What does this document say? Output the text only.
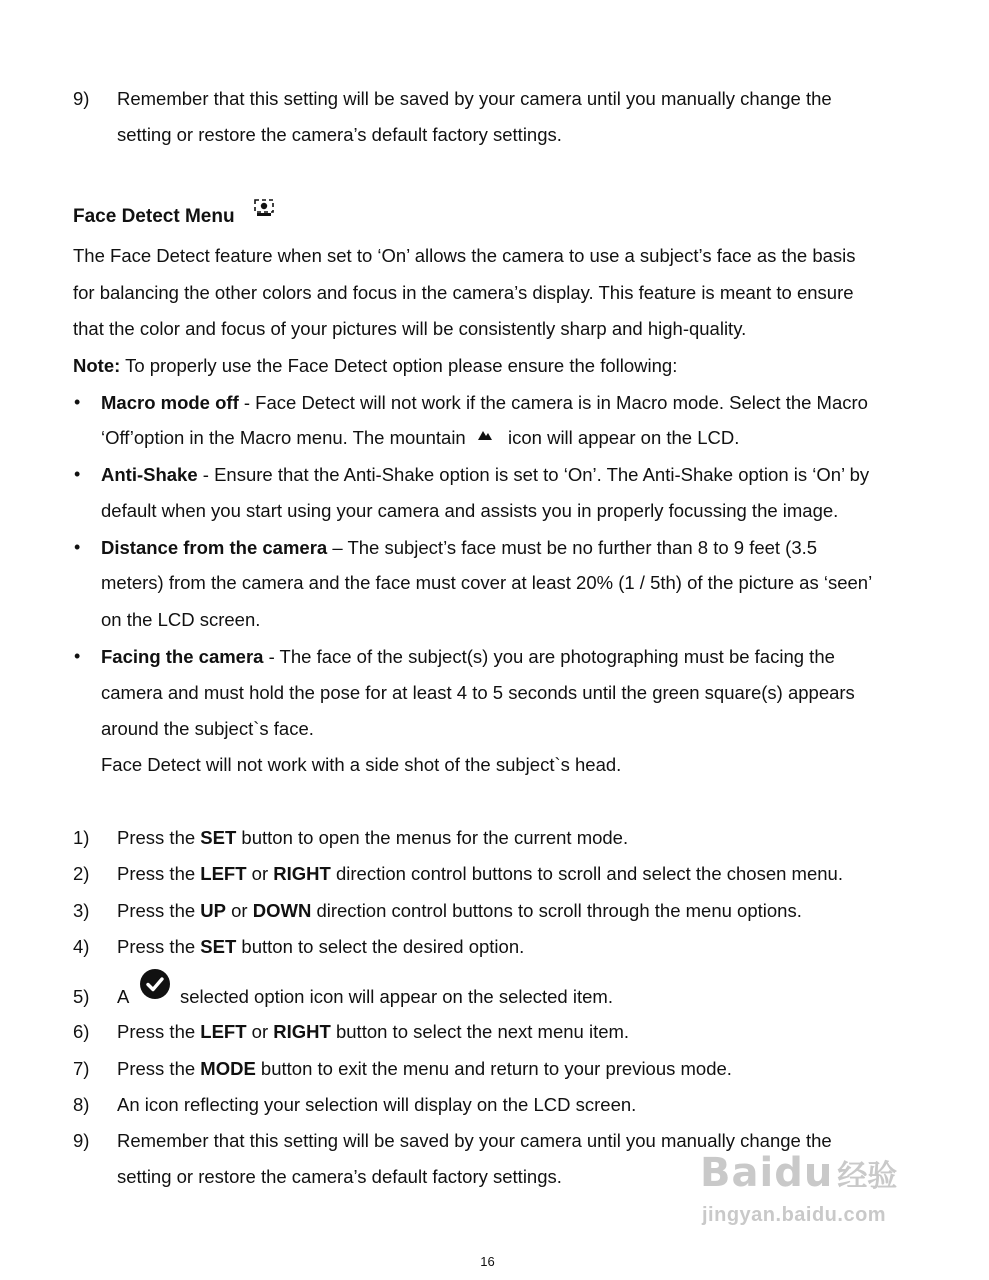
9) Remember that this setting will be saved by your camera until you manually change the
setting or restore the camera’s default factory settings.
Face Detect Menu
The Face Detect feature when set to ‘On’ allows the camera to use a subject’s face as the basis
for balancing the other colors and focus in the camera’s display. This feature is meant to ensure
that the color and focus of your pictures will be consistently sharp and high-quality.
Note: To properly use the Face Detect option please ensure the following:
• Macro mode off - Face Detect will not work if the camera is in Macro mode. Select the Macro
‘Off’option in the Macro menu. The mountain icon will appear on the LCD.
• Anti-Shake - Ensure that the Anti-Shake option is set to ‘On’. The Anti-Shake option is ‘On’ by
default when you start using your camera and assists you in properly focussing the image.
• Distance from the camera – The subject’s face must be no further than 8 to 9 feet (3.5
meters) from the camera and the face must cover at least 20% (1 / 5th) of the picture as ‘seen’
on the LCD screen.
• Facing the camera - The face of the subject(s) you are photographing must be facing the
camera and must hold the pose for at least 4 to 5 seconds until the green square(s) appears
around the subject`s face.
Face Detect will not work with a side shot of the subject`s head.
1) Press the SET button to open the menus for the current mode.
2) Press the LEFT or RIGHT direction control buttons to scroll and select the chosen menu.
3) Press the UP or DOWN direction control buttons to scroll through the menu options.
4) Press the SET button to select the desired option.
5) A	selected option icon will appear on the selected item.
6) Press the LEFT or RIGHT button to select the next menu item.
7) Press the MODE button to exit the menu and return to your previous mode.
8) An icon reflecting your selection will display on the LCD screen.
9) Remember that this setting will be saved by your camera until you manually change the
setting or restore the camera’s default factory settings.	Baidu 经验
jingyan.baidu.com
16
